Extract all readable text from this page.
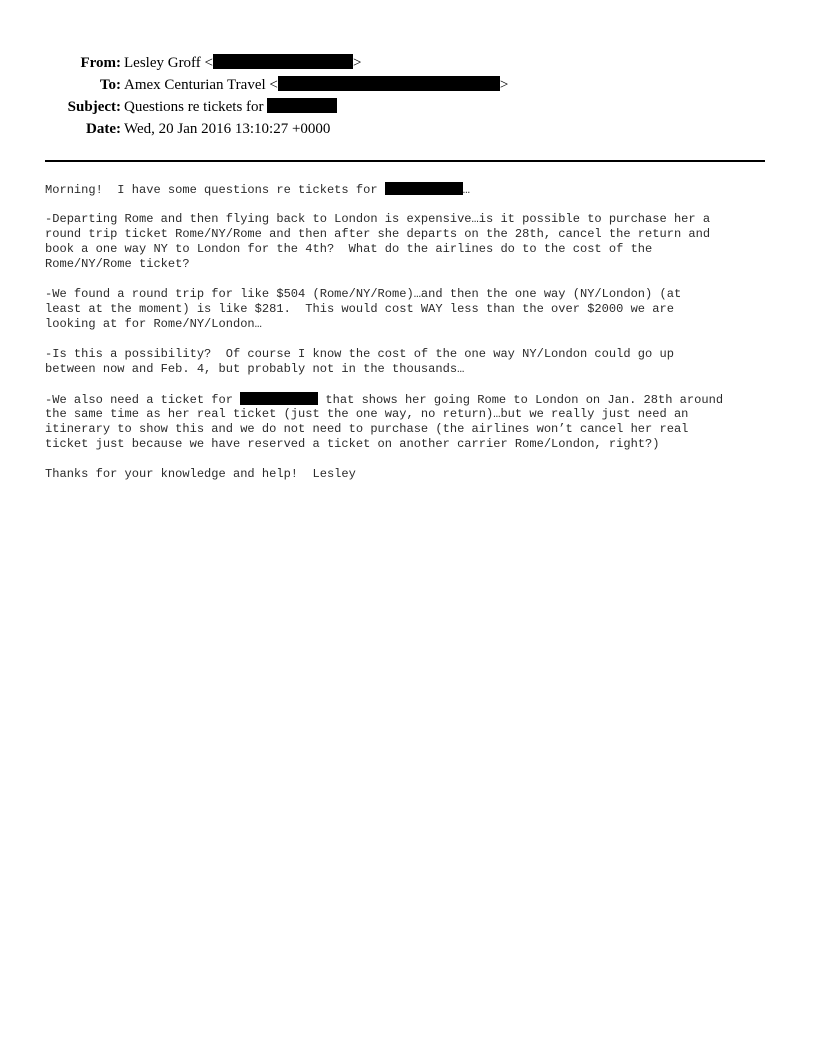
From: Lesley Groff <	>
To: Amex Centurian Travel <	>
Subject: Questions re tickets for
Date: Wed, 20 Jan 2016 13:10:27 +0000
Morning!  I have some questions re tickets for	…
-Departing Rome and then flying back to London is expensive…is it possible to purchase her a
round trip ticket Rome/NY/Rome and then after she departs on the 28th, cancel the return and
book a one way NY to London for the 4th?  What do the airlines do to the cost of the
Rome/NY/Rome ticket?
-We found a round trip for like $504 (Rome/NY/Rome)…and then the one way (NY/London) (at
least at the moment) is like $281.  This would cost WAY less than the over $2000 we are
looking at for Rome/NY/London…
-Is this a possibility?  Of course I know the cost of the one way NY/London could go up
between now and Feb. 4, but probably not in the thousands…
-We also need a ticket for	that shows her going Rome to London on Jan. 28th around
the same time as her real ticket (just the one way, no return)…but we really just need an
itinerary to show this and we do not need to purchase (the airlines won’t cancel her real
ticket just because we have reserved a ticket on another carrier Rome/London, right?)
Thanks for your knowledge and help!  Lesley
